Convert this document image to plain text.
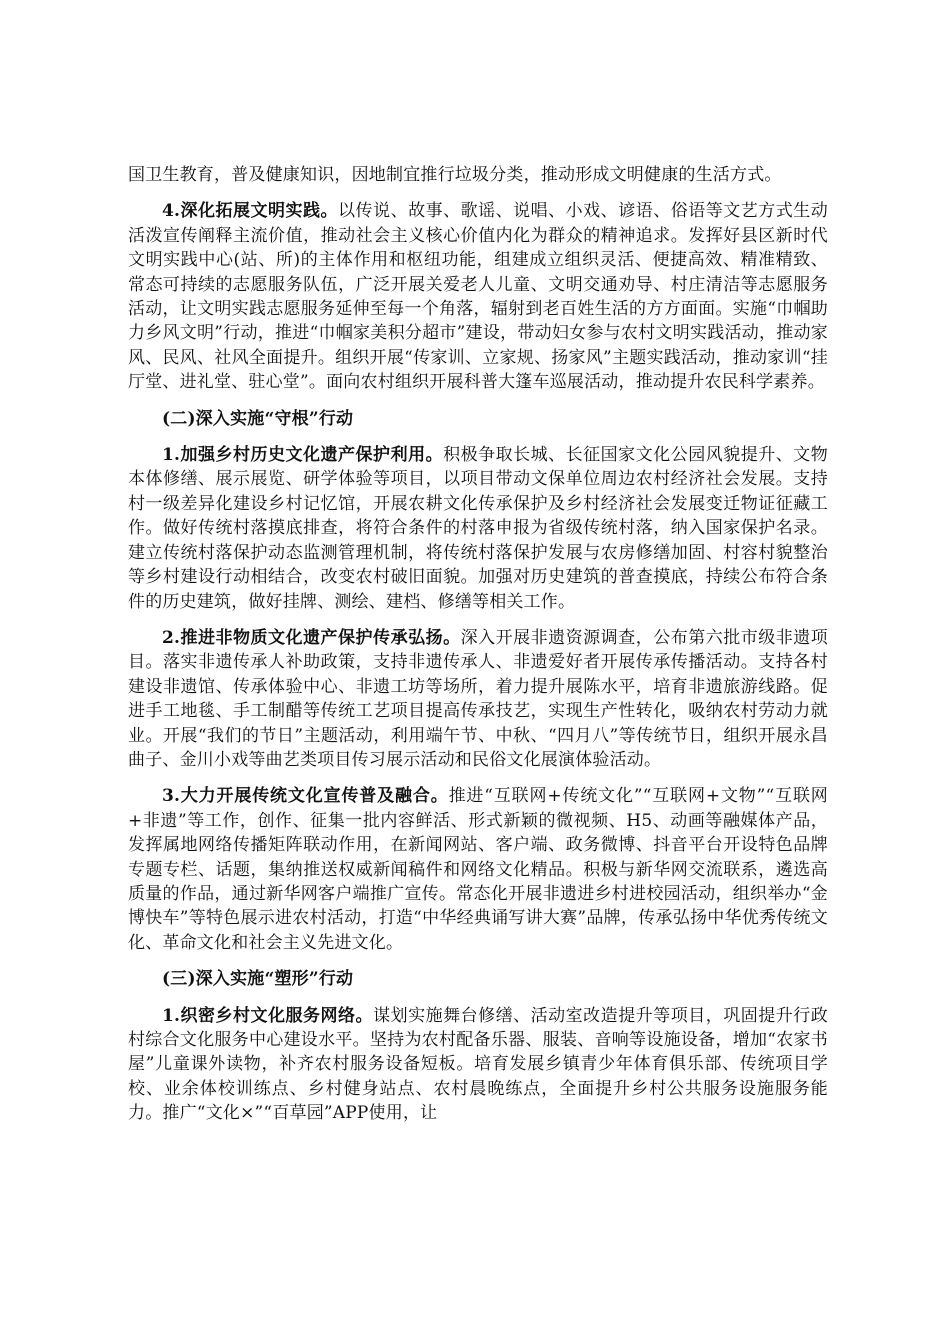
国卫生教育，普及健康知识，因地制宜推行垃圾分类，推动形成文明健康的生活方式。

4.深化拓展文明实践。以传说、故事、歌谣、说唱、小戏、谚语、俗语等文艺方式生动活泼宣传阐释主流价值，推动社会主义核心价值内化为群众的精神追求。发挥好县区新时代文明实践中心(站、所)的主体作用和枢纽功能，组建成立组织灵活、便捷高效、精准精致、常态可持续的志愿服务队伍，广泛开展关爱老人儿童、文明交通劝导、村庄清洁等志愿服务活动，让文明实践志愿服务延伸至每一个角落，辐射到老百姓生活的方方面面。实施“巾帼助力乡风文明”行动，推进“巾帼家美积分超市”建设，带动妇女参与农村文明实践活动，推动家风、民风、社风全面提升。组织开展“传家训、立家规、扬家风”主题实践活动，推动家训“挂厅堂、进礼堂、驻心堂”。面向农村组织开展科普大篷车巡展活动，推动提升农民科学素养。

(二)深入实施“守根”行动

1.加强乡村历史文化遗产保护利用。积极争取长城、长征国家文化公园风貌提升、文物本体修缮、展示展览、研学体验等项目，以项目带动文保单位周边农村经济社会发展。支持村一级差异化建设乡村记忆馆，开展农耕文化传承保护及乡村经济社会发展变迁物证征藏工作。做好传统村落摸底排查，将符合条件的村落申报为省级传统村落，纳入国家保护名录。建立传统村落保护动态监测管理机制，将传统村落保护发展与农房修缮加固、村容村貌整治等乡村建设行动相结合，改变农村破旧面貌。加强对历史建筑的普查摸底，持续公布符合条件的历史建筑，做好挂牌、测绘、建档、修缮等相关工作。

2.推进非物质文化遗产保护传承弘扬。深入开展非遗资源调查，公布第六批市级非遗项目。落实非遗传承人补助政策，支持非遗传承人、非遗爱好者开展传承传播活动。支持各村建设非遗馆、传承体验中心、非遗工坊等场所，着力提升展陈水平，培育非遗旅游线路。促进手工地毯、手工制醋等传统工艺项目提高传承技艺，实现生产性转化，吸纳农村劳动力就业。开展“我们的节日”主题活动，利用端午节、中秋、“四月八”等传统节日，组织开展永昌曲子、金川小戏等曲艺类项目传习展示活动和民俗文化展演体验活动。

3.大力开展传统文化宣传普及融合。推进“互联网+传统文化”“互联网+文物”“互联网+非遗”等工作，创作、征集一批内容鲜活、形式新颖的微视频、H5、动画等融媒体产品，发挥属地网络传播矩阵联动作用，在新闻网站、客户端、政务微博、抖音平台开设特色品牌专题专栏、话题，集纳推送权威新闻稿件和网络文化精品。积极与新华网交流联系，遴选高质量的作品，通过新华网客户端推广宣传。常态化开展非遗进乡村进校园活动，组织举办“金博快车”等特色展示进农村活动，打造“中华经典诵写讲大赛”品牌，传承弘扬中华优秀传统文化、革命文化和社会主义先进文化。

(三)深入实施“塑形”行动

1.织密乡村文化服务网络。谋划实施舞台修缮、活动室改造提升等项目，巩固提升行政村综合文化服务中心建设水平。坚持为农村配备乐器、服装、音响等设施设备，增加“农家书屋”儿童课外读物，补齐农村服务设备短板。培育发展乡镇青少年体育俱乐部、传统项目学校、业余体校训练点、乡村健身站点、农村晨晚练点，全面提升乡村公共服务设施服务能力。推广“文化×”“百草园”APP使用，让
